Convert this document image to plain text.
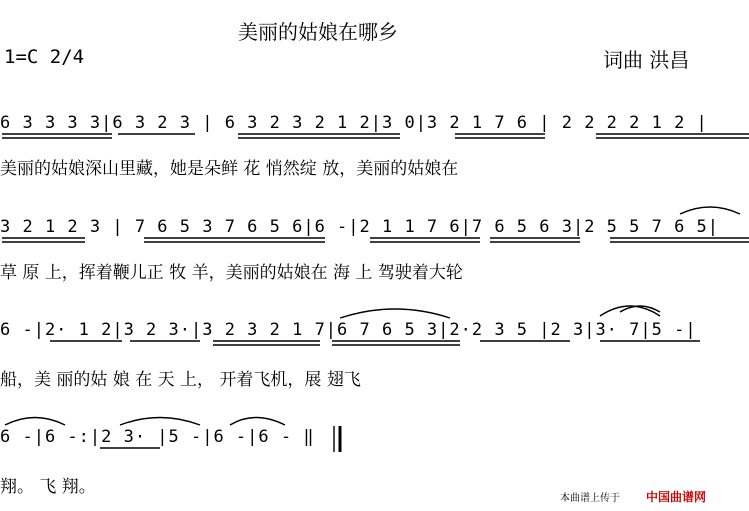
美丽的姑娘在哪乡
1=C 2/4	词曲 洪昌
6 3 3 3 3|6 3 2 3 | 6 3 2 3 2 1 2|3 0|3 2 1 7 6 | 2 2 2 2 1 2 |
美丽的姑娘深山里藏，她是朵鲜 花 悄然绽 放，美丽的姑娘在
3 2 1 2 3 | 7 6 5 3 7 6 5 6|6 -|2 1 1 7 6|7 6 5 6 3|2 5 5 7 6 5|
草 原 上，挥着鞭儿正 牧 羊，美丽的姑娘在 海 上 驾驶着大轮
6 -|2· 1 2|3 2 3·|3 2 3 2 1 7|6 7 6 5 3|2·2 3 5 |2 3|3· 7|5 -|
船，美 丽的姑 娘 在 天 上， 开着飞机，展 翅飞
6 -|6 -:|2 3· |5 -|6 -|6 - ‖
翔。 飞 翔。
本曲谱上传于 中国曲谱网
